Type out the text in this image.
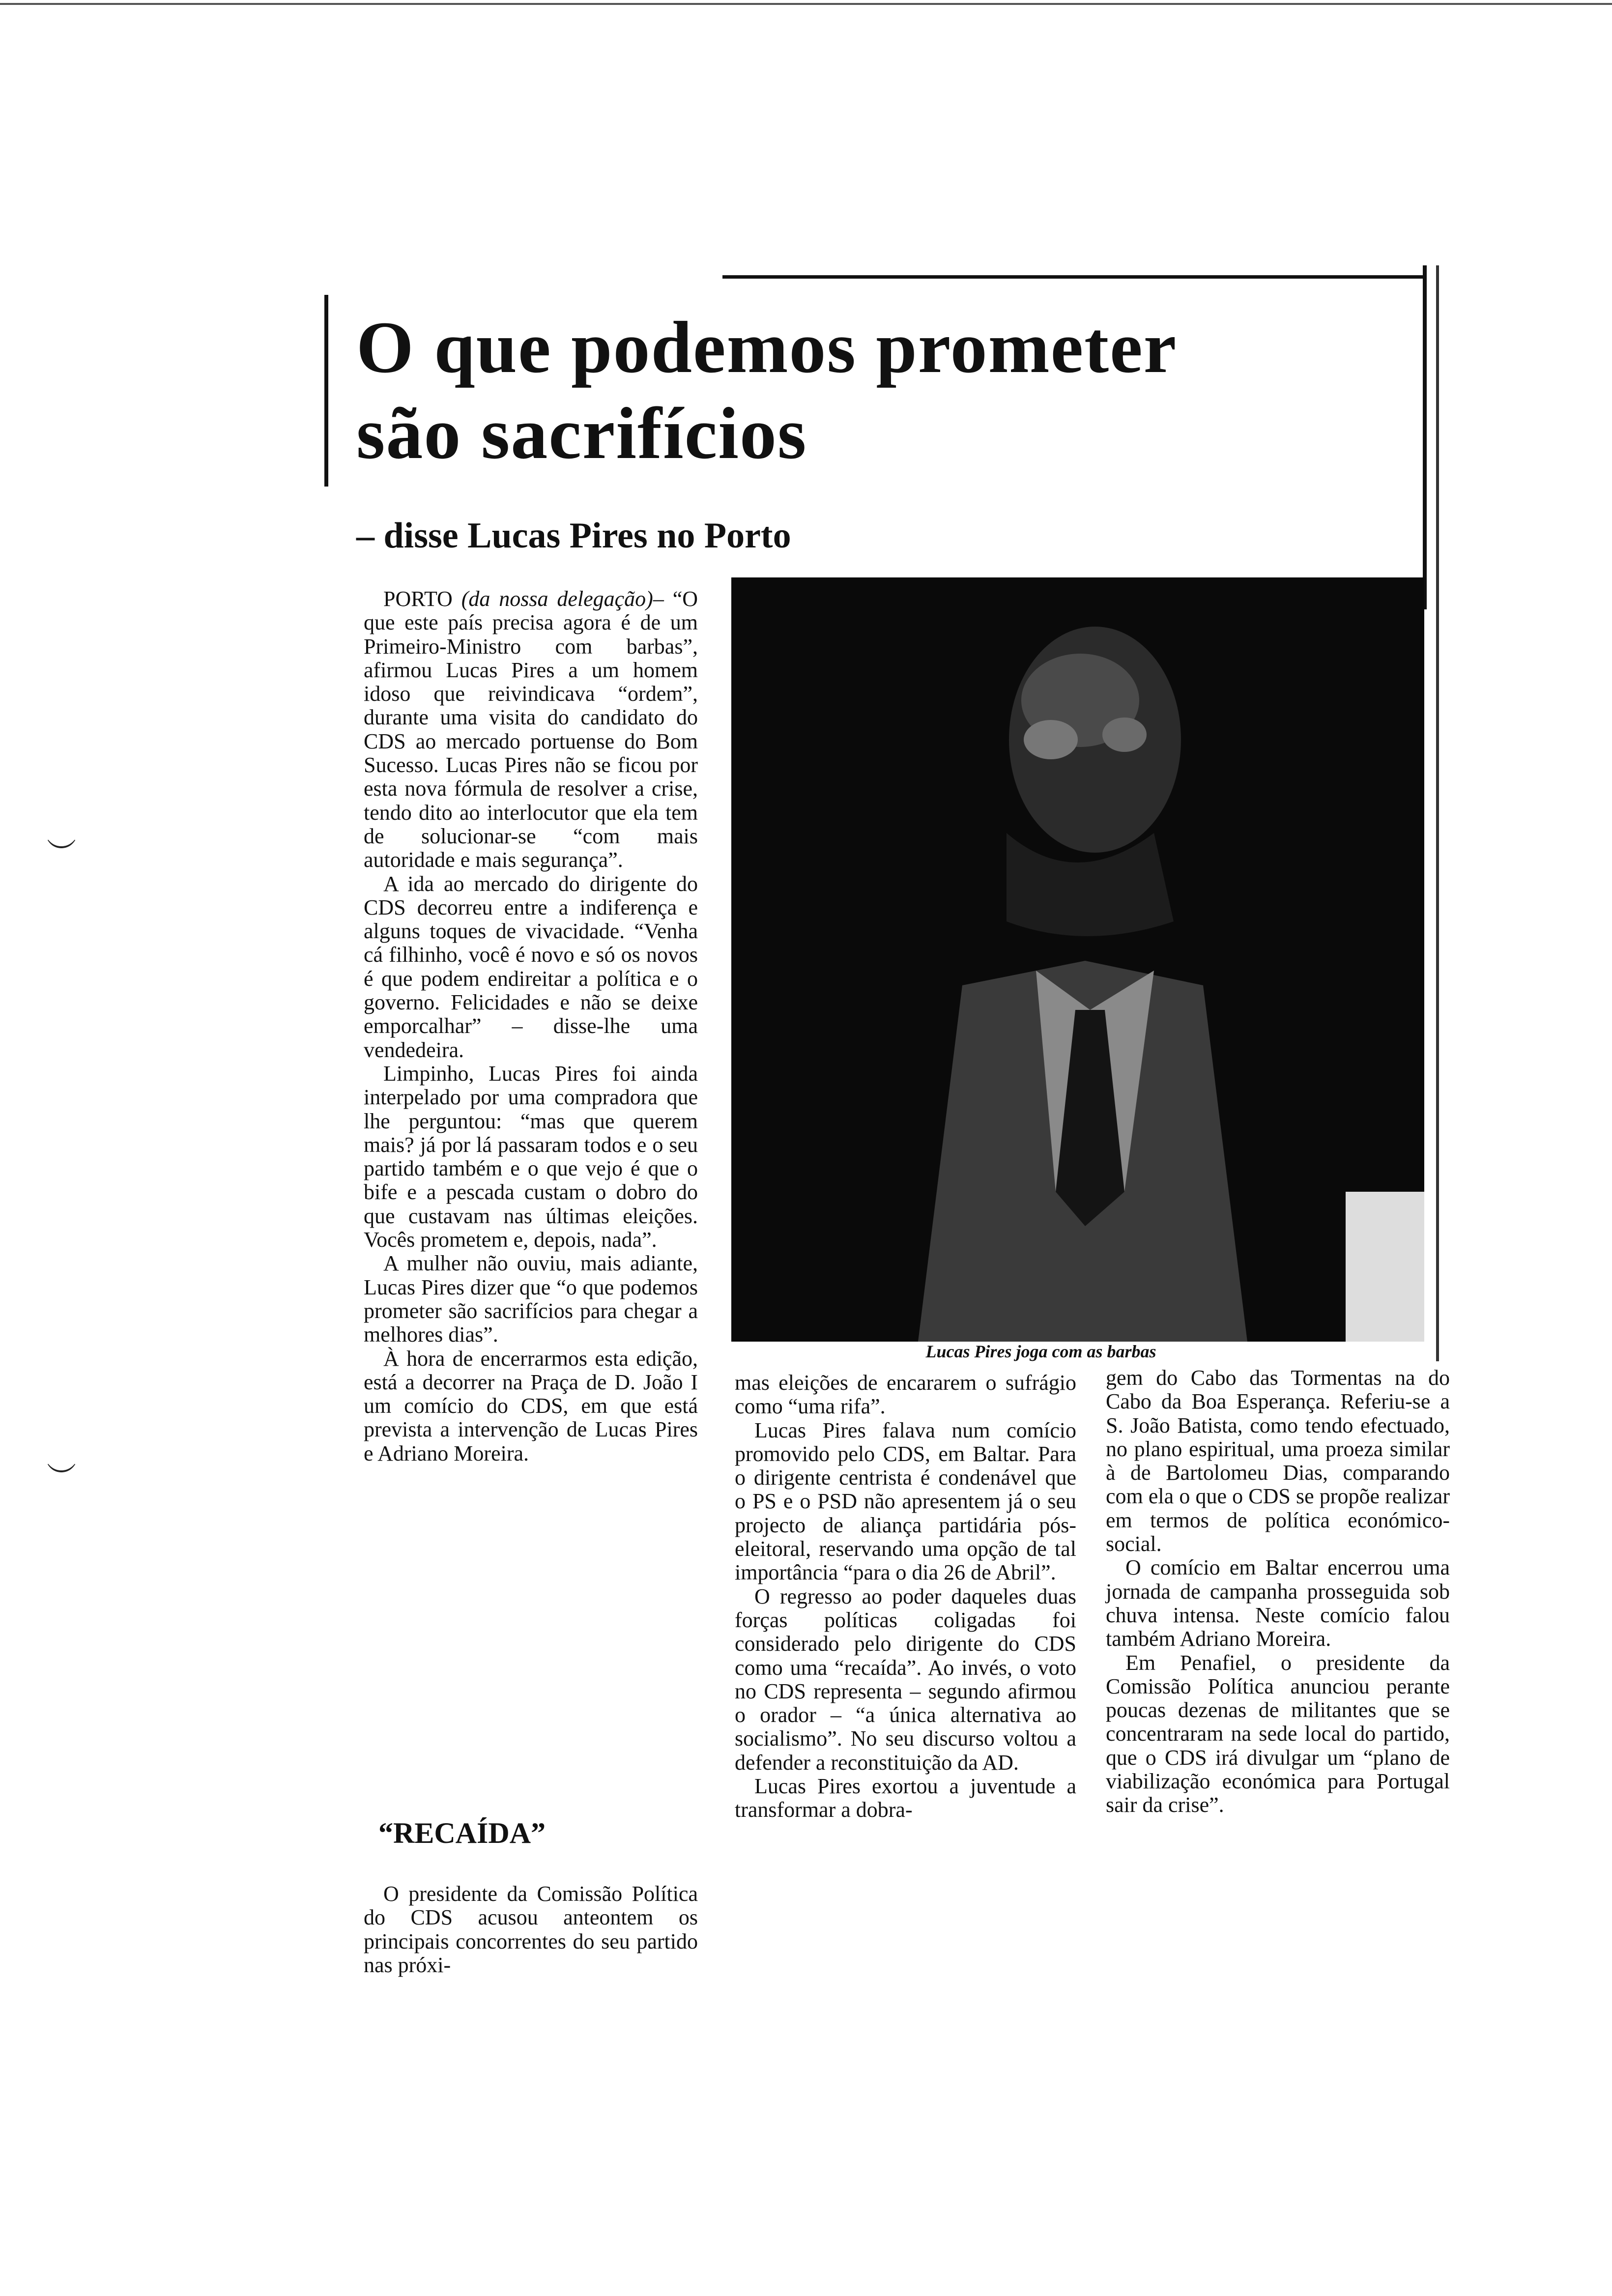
︶
︶
O que podemos prometer
são sacrifícios
– disse Lucas Pires no Porto

PORTO (da nossa delegação)– “O que este país precisa agora é de um Primeiro-Ministro com barbas”, afirmou Lucas Pires a um homem idoso que reivindicava “ordem”, durante uma visita do candidato do CDS ao mercado portuense do Bom Sucesso. Lucas Pires não se ficou por esta nova fórmula de resolver a crise, tendo dito ao interlocutor que ela tem de solucionar-se “com mais autoridade e mais segurança”.

A ida ao mercado do dirigente do CDS decorreu entre a indiferença e alguns toques de vivacidade. “Venha cá filhinho, você é novo e só os novos é que podem endireitar a política e o governo. Felicidades e não se deixe emporcalhar” – disse-lhe uma vendedeira.

Limpinho, Lucas Pires foi ainda interpelado por uma compradora que lhe perguntou: “mas que querem mais? já por lá passaram todos e o seu partido também e o que vejo é que o bife e a pescada custam o dobro do que custavam nas últimas eleições. Vocês prometem e, depois, nada”.

A mulher não ouviu, mais adiante, Lucas Pires dizer que “o que podemos prometer são sacrifícios para chegar a melhores dias”.

À hora de encerrarmos esta edição, está a decorrer na Praça de D. João I um comício do CDS, em que está prevista a intervenção de Lucas Pires e Adriano Moreira.

“RECAÍDA”

O presidente da Comissão Política do CDS acusou anteontem os principais concorrentes do seu partido nas próxi-

Lucas Pires joga com as barbas

mas eleições de encararem o sufrágio como “uma rifa”.

Lucas Pires falava num comício promovido pelo CDS, em Baltar. Para o dirigente centrista é condenável que o PS e o PSD não apresentem já o seu projecto de aliança partidária pós-eleitoral, reservando uma opção de tal importância “para o dia 26 de Abril”.

O regresso ao poder daqueles duas forças políticas coligadas foi considerado pelo dirigente do CDS como uma “recaída”. Ao invés, o voto no CDS representa – segundo afirmou o orador – “a única alternativa ao socialismo”. No seu discurso voltou a defender a reconstituição da AD.

Lucas Pires exortou a juventude a transformar a dobra-

gem do Cabo das Tormentas na do Cabo da Boa Esperança. Referiu-se a S. João Batista, como tendo efectuado, no plano espiritual, uma proeza similar à de Bartolomeu Dias, comparando com ela o que o CDS se propõe realizar em termos de política económico-social.

O comício em Baltar encerrou uma jornada de campanha prosseguida sob chuva intensa. Neste comício falou também Adriano Moreira.

Em Penafiel, o presidente da Comissão Política anunciou perante poucas dezenas de militantes que se concentraram na sede local do partido, que o CDS irá divulgar um “plano de viabilização económica para Portugal sair da crise”.
